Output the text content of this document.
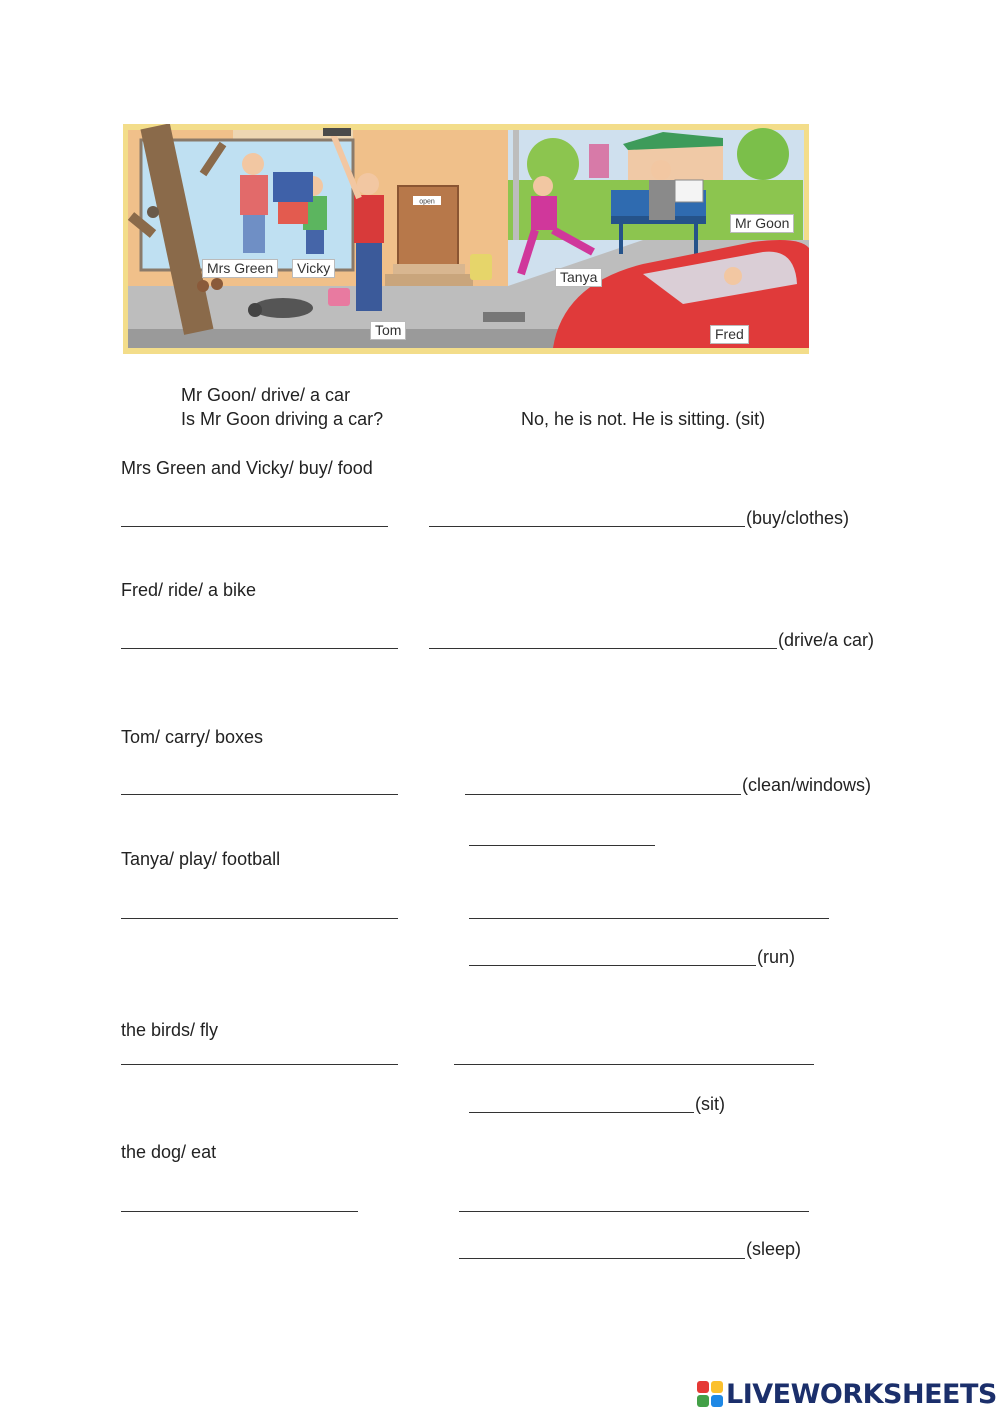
open
Mrs Green	Vicky
Tom
Tanya
Mr Goon
Fred
Mr Goon/ drive/ a car
Is Mr Goon driving a car?	No, he is not. He is sitting. (sit)
Mrs Green and Vicky/ buy/ food
(buy/clothes)
Fred/ ride/ a bike
(drive/a car)
Tom/ carry/ boxes
(clean/windows)
Tanya/ play/ football
(run)
the birds/ fly
(sit)
the dog/ eat
(sleep)
LIVEWORKSHEETS
